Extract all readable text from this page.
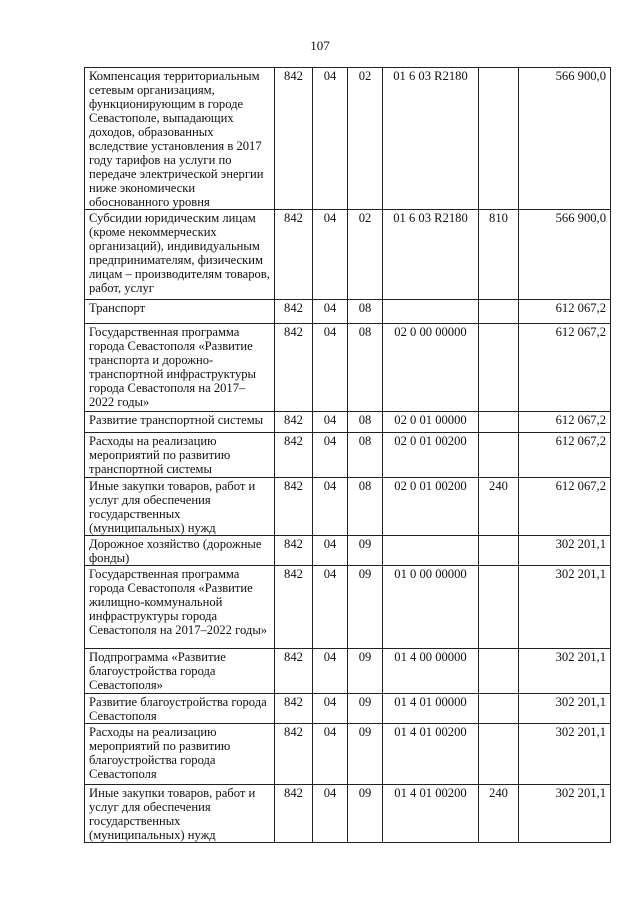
107
Компенсация территориальным сетевым организациям, функционирующим в городе Севастополе, выпадающих доходов, образованных вследствие установления в 2017 году тарифов на услуги по передаче электрической энергии ниже экономически обоснованного уровня	842	04	02	01 6 03 R2180		566 900,0
Субсидии юридическим лицам (кроме некоммерческих организаций), индивидуальным предпринимателям, физическим лицам – производителям товаров, работ, услуг	842	04	02	01 6 03 R2180	810	566 900,0
Транспорт	842	04	08			612 067,2
Государственная программа города Севастополя «Развитие транспорта и дорожно-транспортной инфраструктуры города Севастополя на 2017–2022 годы»	842	04	08	02 0 00 00000		612 067,2
Развитие транспортной системы	842	04	08	02 0 01 00000		612 067,2
Расходы на реализацию мероприятий по развитию транспортной системы	842	04	08	02 0 01 00200		612 067,2
Иные закупки товаров, работ и услуг для обеспечения государственных (муниципальных) нужд	842	04	08	02 0 01 00200	240	612 067,2
Дорожное хозяйство (дорожные фонды)	842	04	09			302 201,1
Государственная программа города Севастополя «Развитие жилищно-коммунальной инфраструктуры города Севастополя на 2017–2022 годы»	842	04	09	01 0 00 00000		302 201,1
Подпрограмма «Развитие благоустройства города Севастополя»	842	04	09	01 4 00 00000		302 201,1
Развитие благоустройства города Севастополя	842	04	09	01 4 01 00000		302 201,1
Расходы на реализацию мероприятий по развитию благоустройства города Севастополя	842	04	09	01 4 01 00200		302 201,1
Иные закупки товаров, работ и услуг для обеспечения государственных (муниципальных) нужд	842	04	09	01 4 01 00200	240	302 201,1
